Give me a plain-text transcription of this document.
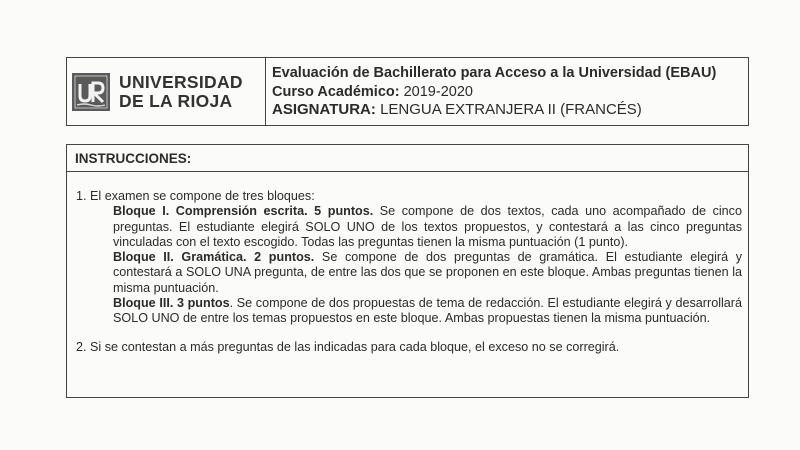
UNIVERSIDAD
DE LA RIOJA
Evaluación de Bachillerato para Acceso a la Universidad (EBAU)
Curso Académico: 2019-2020
ASIGNATURA: LENGUA EXTRANJERA II (FRANCÉS)
INSTRUCCIONES:
1. El examen se compone de tres bloques:
Bloque I. Comprensión escrita. 5 puntos. Se compone de dos textos, cada uno acompañado de cinco preguntas. El estudiante elegirá SOLO UNO de los textos propuestos, y contestará a las cinco preguntas vinculadas con el texto escogido. Todas las preguntas tienen la misma puntuación (1 punto).
Bloque II. Gramática. 2 puntos. Se compone de dos preguntas de gramática. El estudiante elegirá y contestará a SOLO UNA pregunta, de entre las dos que se proponen en este bloque. Ambas preguntas tienen la misma puntuación.
Bloque III. 3 puntos. Se compone de dos propuestas de tema de redacción. El estudiante elegirá y desarrollará SOLO UNO de entre los temas propuestos en este bloque. Ambas propuestas tienen la misma puntuación.
2. Si se contestan a más preguntas de las indicadas para cada bloque, el exceso no se corregirá.
